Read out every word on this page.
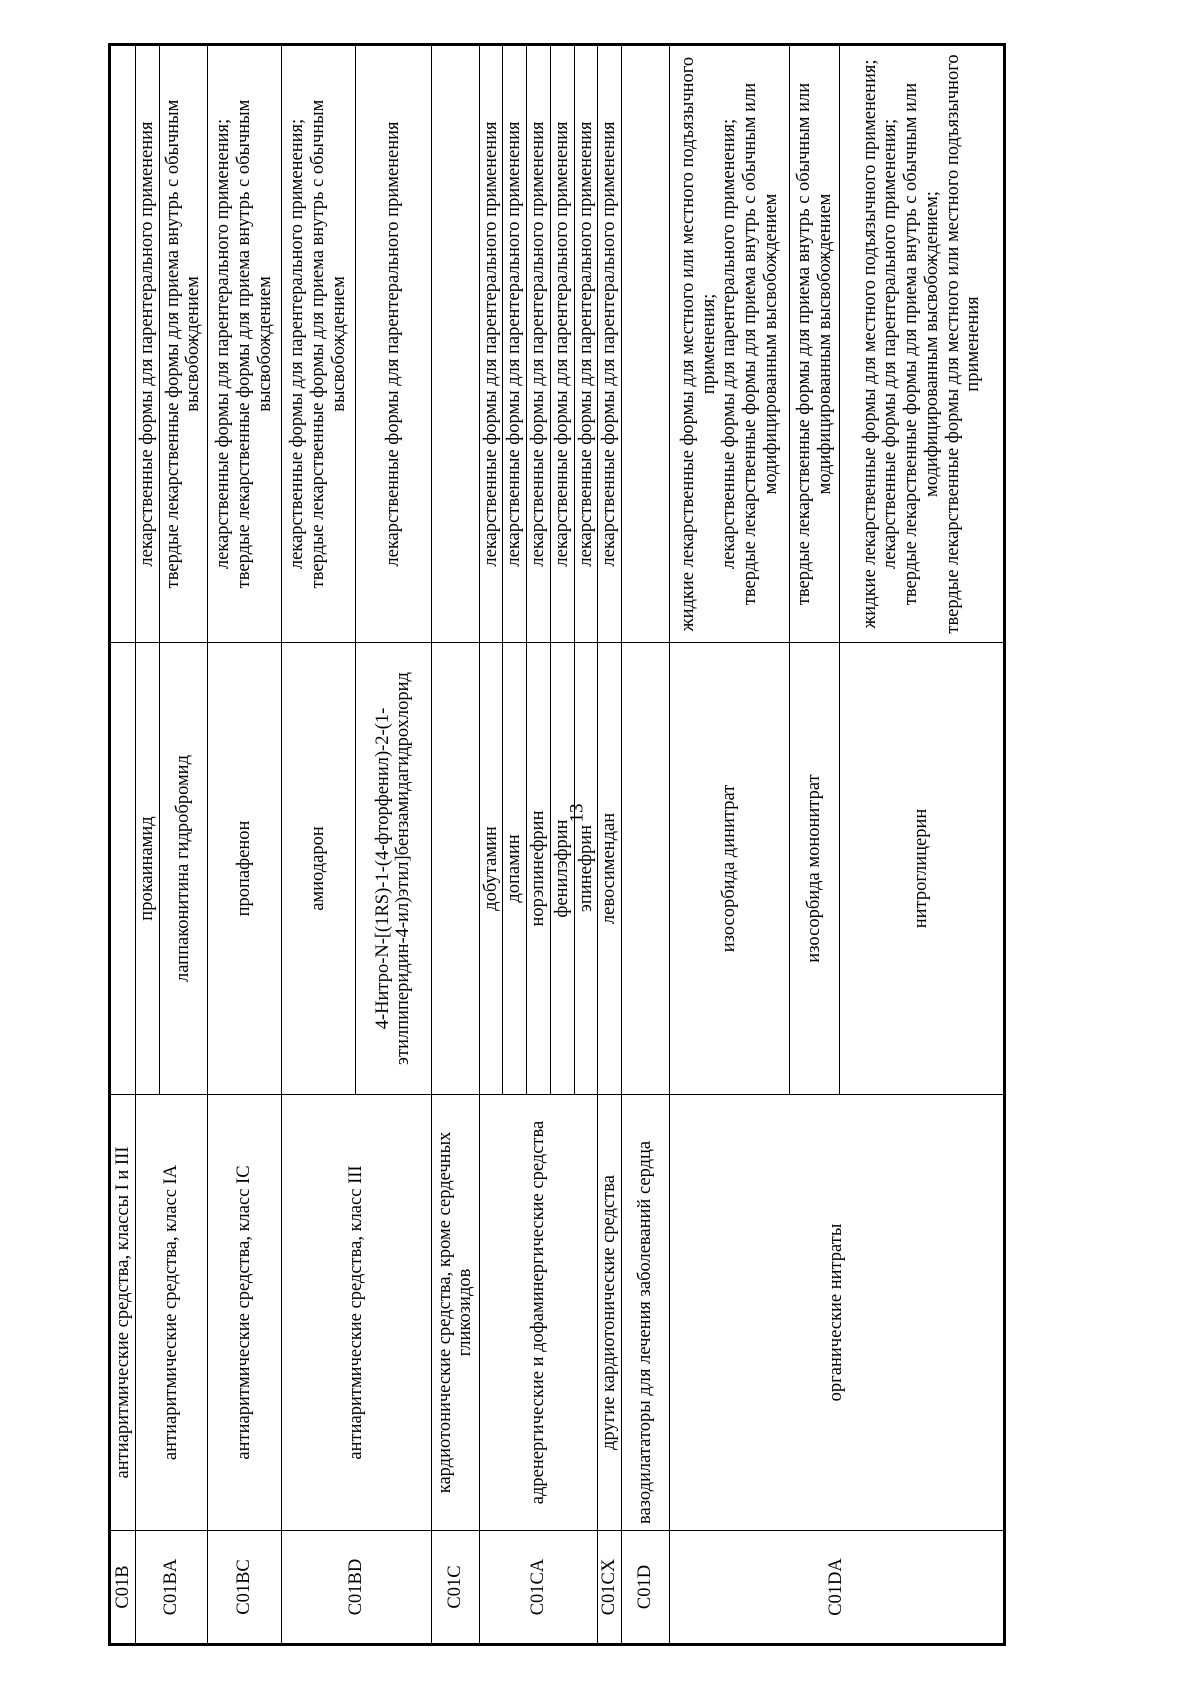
13
C01B	антиаритмические средства, классы I и III		
C01BA	антиаритмические средства, класс IA	прокаинамид	лекарственные формы для парентерального применения
		лаппаконитина гидробромид	твердые лекарственные формы для приема внутрь с обычным высвобождением
C01BC	антиаритмические средства, класс IC	пропафенон	лекарственные формы для парентерального применения; твердые лекарственные формы для приема внутрь с обычным высвобождением

C01BD	антиаритмические средства, класс III	амиодарон	лекарственные формы для парентерального применения; твердые лекарственные формы для приема внутрь с обычным высвобождением

		4-Нитро-N-[(1RS)-1-(4-фторфенил)-2-(1-этилпиперидин-4-ил)этил]бензамидагидрохлорид	лекарственные формы для парентерального применения
C01C	кардиотонические средства, кроме сердечных гликозидов		
C01CA	адренергические и дофаминергические средства	добутамин	лекарственные формы для парентерального применения
		допамин	лекарственные формы для парентерального применения
		норэпинефрин	лекарственные формы для парентерального применения
		фенилэфрин	лекарственные формы для парентерального применения
		эпинефрин	лекарственные формы для парентерального применения
C01CX	другие кардиотонические средства	левосимендан	лекарственные формы для парентерального применения
C01D	вазодилататоры для лечения заболеваний сердца		
C01DA	органические нитраты	изосорбида динитрат	жидкие лекарственные формы для местного или местного подъязычного применения; лекарственные формы для парентерального применения; твердые лекарственные формы для приема внутрь с обычным или модифицированным высвобождением

		изосорбида мононитрат	твердые лекарственные формы для приема внутрь с обычным или модифицированным высвобождением
		нитроглицерин	жидкие лекарственные формы для местного подъязычного применения; лекарственные формы для парентерального применения; твердые лекарственные формы для приема внутрь с обычным или модифицированным высвобождением; твердые лекарственные формы для местного или местного подъязычного применения
